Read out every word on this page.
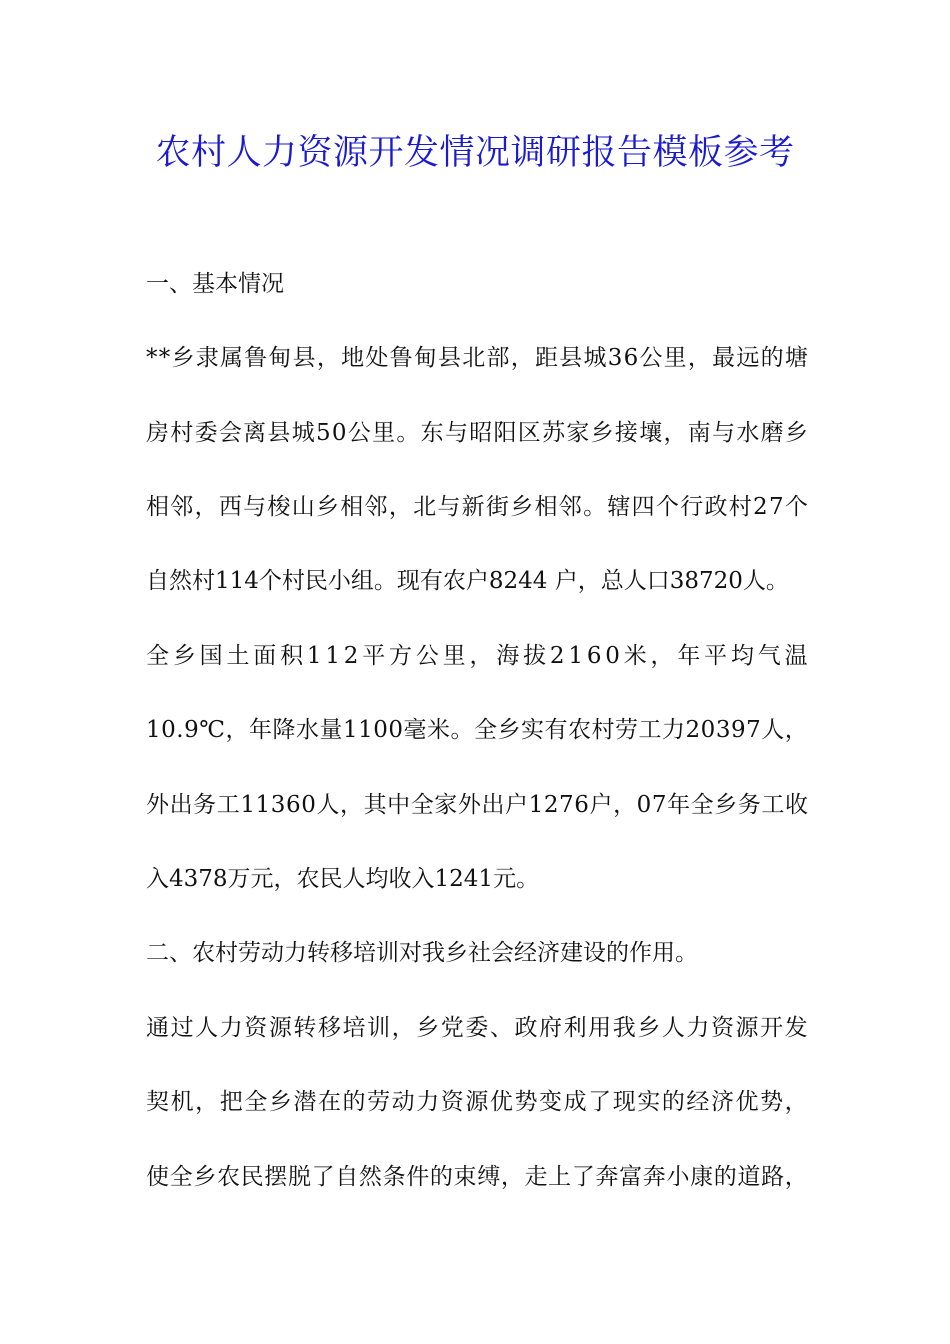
农村人力资源开发情况调研报告模板参考
一、基本情况
* * 乡 隶 属 鲁 甸 县 ， 地 处 鲁 甸 县 北 部 ， 距 县 城 3 6 公 里 ， 最 远 的 塘
房 村 委 会 离 县 城 5 0 公 里 。 东 与 昭 阳 区 苏 家 乡 接 壤 ， 南 与 水 磨 乡
相 邻 ， 西 与 梭 山 乡 相 邻 ， 北 与 新 街 乡 相 邻 。 辖 四 个 行 政 村 2 7 个
自然村114个村民小组。现有农户8244 户，总人口38720人。
全 乡 国 土 面 积 1 1 2 平 方 公 里 ， 海 拔 2 1 6 0 米 ， 年 平 均 气 温
1 0 . 9 ℃ ， 年 降 水 量 1 1 0 0 毫 米 。 全 乡 实 有 农 村 劳 工 力 2 0 3 9 7 人 ，
外 出 务 工 1 1 3 6 0 人 ， 其 中 全 家 外 出 户 1 2 7 6 户 ， 0 7 年 全 乡 务 工 收
入4378万元，农民人均收入1241元。
二、农村劳动力转移培训对我乡社会经济建设的作用。
通 过 人 力 资 源 转 移 培 训 ， 乡 党 委 、 政 府 利 用 我 乡 人 力 资 源 开 发
契 机 ， 把 全 乡 潜 在 的 劳 动 力 资 源 优 势 变 成 了 现 实 的 经 济 优 势 ，
使 全 乡 农 民 摆 脱 了 自 然 条 件 的 束 缚 ， 走 上 了 奔 富 奔 小 康 的 道 路 ，
